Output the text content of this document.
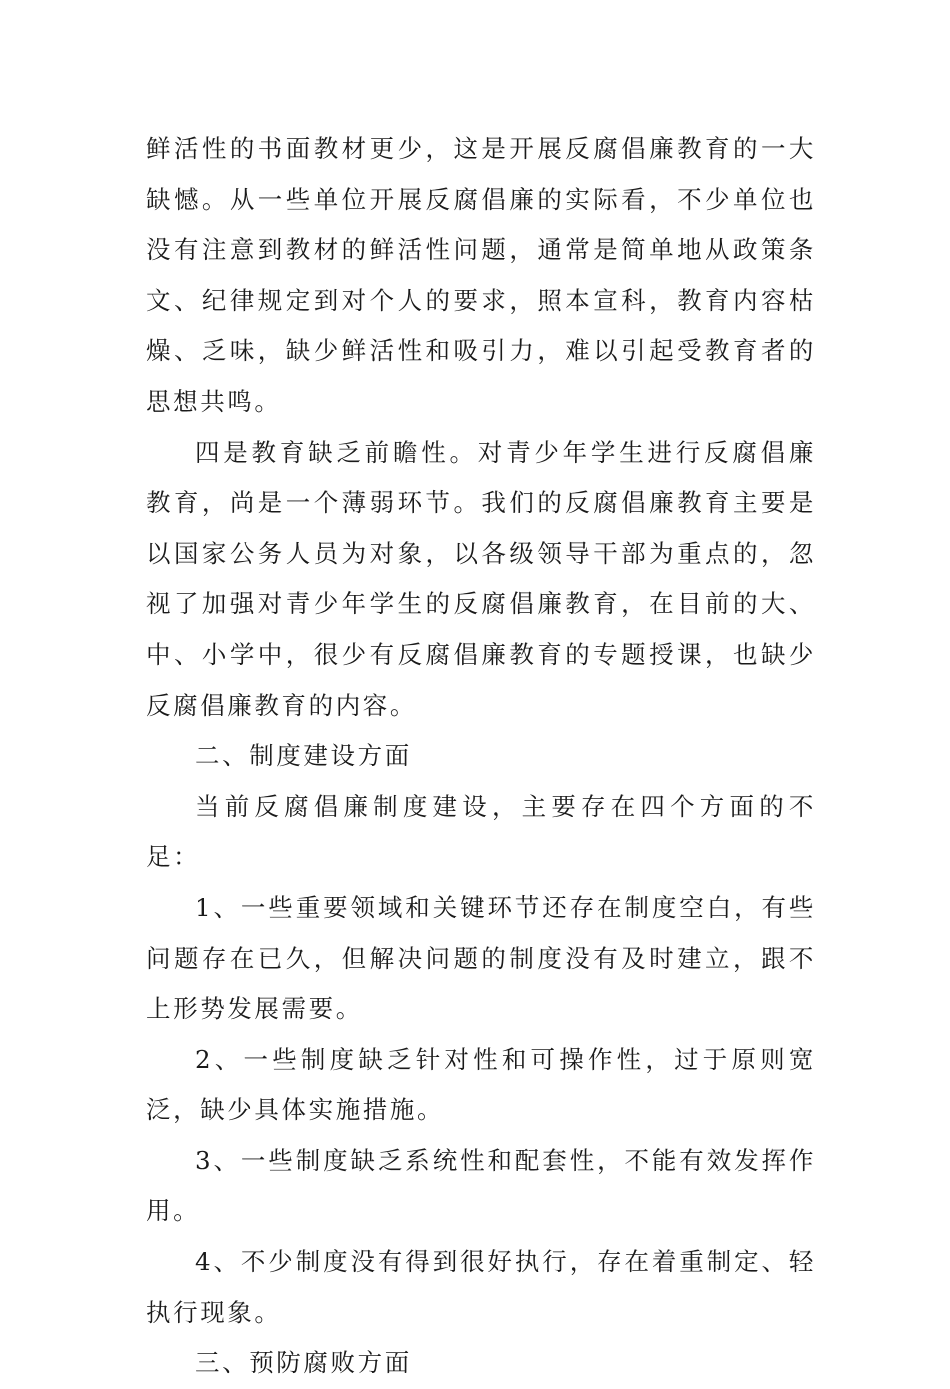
鲜活性的书面教材更少，这是开展反腐倡廉教育的一大缺憾。从一些单位开展反腐倡廉的实际看，不少单位也没有注意到教材的鲜活性问题，通常是简单地从政策条文、纪律规定到对个人的要求，照本宣科，教育内容枯燥、乏味，缺少鲜活性和吸引力，难以引起受教育者的思想共鸣。

四是教育缺乏前瞻性。对青少年学生进行反腐倡廉教育，尚是一个薄弱环节。我们的反腐倡廉教育主要是以国家公务人员为对象，以各级领导干部为重点的，忽视了加强对青少年学生的反腐倡廉教育，在目前的大、中、小学中，很少有反腐倡廉教育的专题授课，也缺少反腐倡廉教育的内容。

二、制度建设方面

当前反腐倡廉制度建设，主要存在四个方面的不足：

1、一些重要领域和关键环节还存在制度空白，有些问题存在已久，但解决问题的制度没有及时建立，跟不上形势发展需要。

2、一些制度缺乏针对性和可操作性，过于原则宽泛，缺少具体实施措施。

3、一些制度缺乏系统性和配套性，不能有效发挥作用。

4、不少制度没有得到很好执行，存在着重制定、轻执行现象。

三、预防腐败方面
